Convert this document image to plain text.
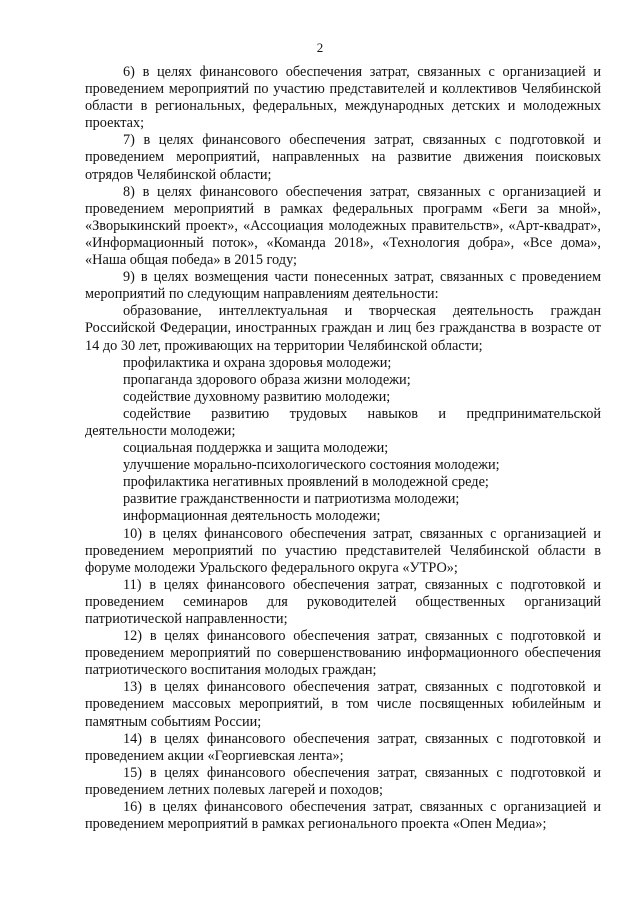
2

6) в целях финансового обеспечения затрат, связанных с организацией и проведением мероприятий по участию представителей и коллективов Челябинской области в региональных, федеральных, международных детских и молодежных проектах;

7) в целях финансового обеспечения затрат, связанных с подготовкой и проведением мероприятий, направленных на развитие движения поисковых отрядов Челябинской области;

8) в целях финансового обеспечения затрат, связанных с организацией и проведением мероприятий в рамках федеральных программ «Беги за мной», «Зворыкинский проект», «Ассоциация молодежных правительств», «Арт-квадрат», «Информационный поток», «Команда 2018», «Технология добра», «Все дома», «Наша общая победа» в 2015 году;

9) в целях возмещения части понесенных затрат, связанных с проведением мероприятий по следующим направлениям деятельности:

образование, интеллектуальная и творческая деятельность граждан Российской Федерации, иностранных граждан и лиц без гражданства в возрасте от 14 до 30 лет, проживающих на территории Челябинской области;

профилактика и охрана здоровья молодежи;

пропаганда здорового образа жизни молодежи;

содействие духовному развитию молодежи;

содействие развитию трудовых навыков и предпринимательской деятельности молодежи;

социальная поддержка и защита молодежи;

улучшение морально-психологического состояния молодежи;

профилактика негативных проявлений в молодежной среде;

развитие гражданственности и патриотизма молодежи;

информационная деятельность молодежи;

10) в целях финансового обеспечения затрат, связанных с организацией и проведением мероприятий по участию представителей Челябинской области в форуме молодежи Уральского федерального округа «УТРО»;

11) в целях финансового обеспечения затрат, связанных с подготовкой и проведением семинаров для руководителей общественных организаций патриотической направленности;

12) в целях финансового обеспечения затрат, связанных с подготовкой и проведением мероприятий по совершенствованию информационного обеспечения патриотического воспитания молодых граждан;

13) в целях финансового обеспечения затрат, связанных с подготовкой и проведением массовых мероприятий, в том числе посвященных юбилейным и памятным событиям России;

14) в целях финансового обеспечения затрат, связанных с подготовкой и проведением акции «Георгиевская лента»;

15) в целях финансового обеспечения затрат, связанных с подготовкой и проведением летних полевых лагерей и походов;

16) в целях финансового обеспечения затрат, связанных с организацией и проведением мероприятий в рамках регионального проекта «Опен Медиа»;
